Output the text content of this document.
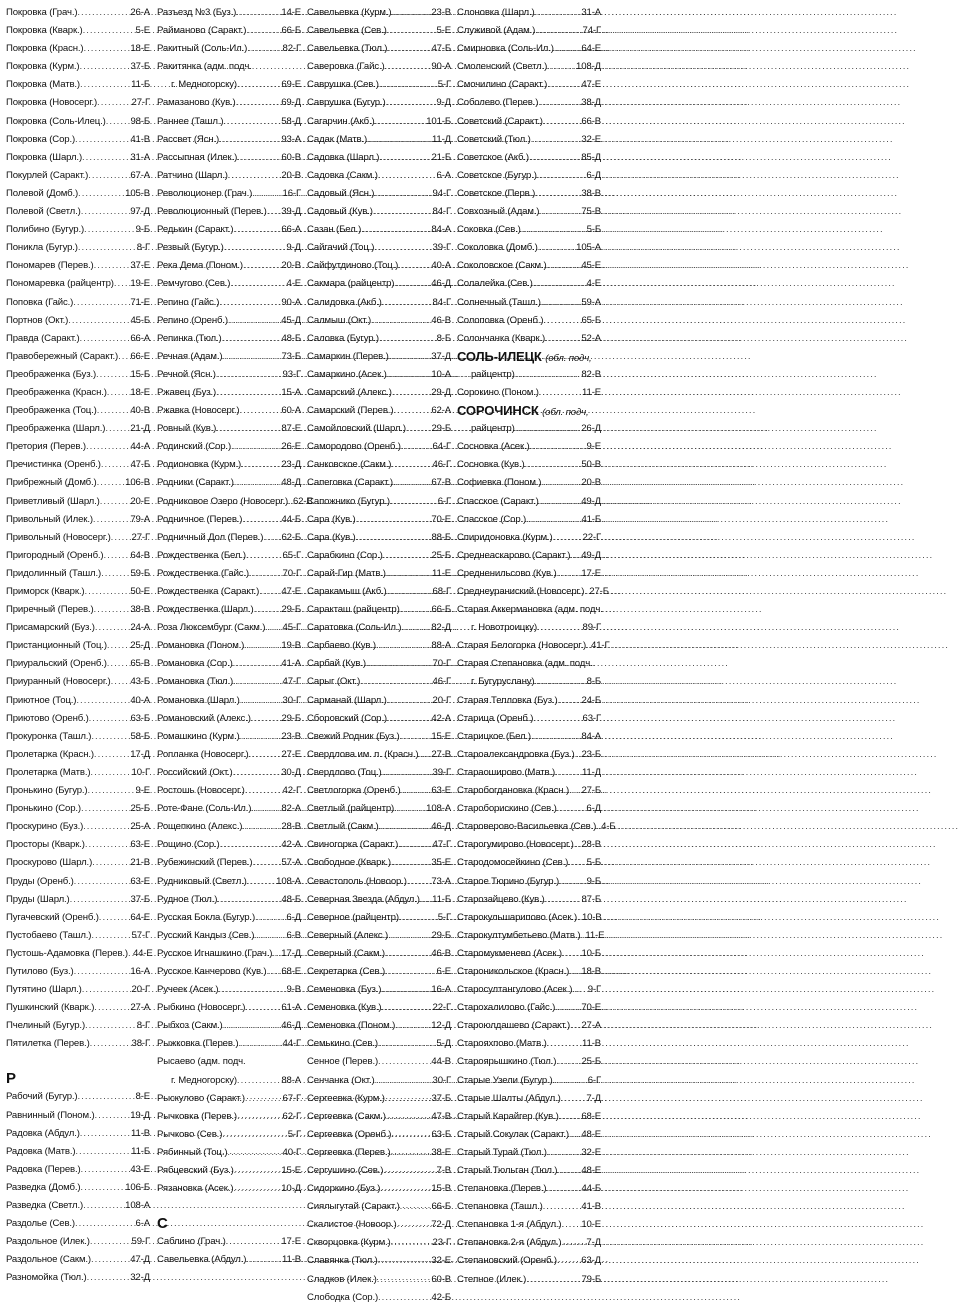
Покровка (Грач.) .....	26-А
Покровка (Кварк.) .....	5-Е
Покровка (Красн.) .....	18-Е
Покровка (Курм.) .....	37-Б
Покровка (Матв.) .....	11-Б
Покровка (Новосерг.) .....	27-Г
Покровка (Соль-Илец.) .....	98-Б
Покровка (Сор.) .....	41-В
Покровка (Шарл.) .....	31-А
Покурлей (Саракт.) .....	67-А
Полевой (Домб.) .....	105-В
Полевой (Светл.) .....	97-Д
Полибино (Бугур.) .....	9-Б
Поникла (Бугур.) .....	8-Г
Пономарев (Перев.) .....	37-Е
Пономаревка (райцентр) ..... 19-Е
Поповка (Гайс.) .....	71-Е
Портнов (Окт.) .....	45-Б
Правда (Саракт.) .....	66-А
Правобережный (Саракт.) ..... 66-Е
Преображенка (Буз.) .....	15-Б
Преображенка (Красн.) ..... 18-Е
Преображенка (Тоц.) .....	40-В
Преображенка (Шарл.) .....	21-Д
Претория (Перев.) .....	44-А
Пречистинка (Оренб.) .....	47-Б
Прибрежный (Домб.) .....	106-В
Приветливый (Шарл.) .....	20-Е
Привольный (Илек.) .....	79-А
Привольный (Новосерг.) ..... 27-Г
Пригородный (Оренб.) .....	64-В
Придолинный (Ташл.) .....	59-Б
Приморск (Кварк.) .....	50-Е
Приречный (Перев.) .....	38-В
Присамарский (Буз.) .....	24-А
Пристанционный (Тоц.) ..... 25-Д
Приуральский (Оренб.) ..... 65-В
Приуранный (Новосерг.) ..... 43-Б
Приютное (Тоц.) .....	40-А
Приютово (Оренб.) .....	63-Б
Прокуронка (Ташл.) .....	58-Б
Пролетарка (Красн.) .....	17-Д
Пролетарка (Матв.) .....	10-Г
Пронькино (Бугур.) .....	9-Е
Пронькино (Сор.) .....	25-Б
Проскурино (Буз.) .....	25-А
Просторы (Кварк.) .....	63-Е
Проскурово (Шарл.) .....	21-В
Пруды (Оренб.) .....	63-Е
Пруды (Шарл.) .....	37-Б
Пугачевский (Оренб.) .....	64-Е
Пустобаево (Ташл.) .....	57-Г
Пустошь-Адамовка (Перев.) ..... 44-Е
Путилово (Буз.) .....	16-А
Путятино (Шарл.) .....	20-Г
Пушкинский (Кварк.) .....	27-А
Пчелиный (Бугур.) .....	8-Г
Пятилетка (Перев.) .....	38-Г
Р
Рабочий (Бугур.) .....	8-Е
Равнинный (Поном.) .....	19-Д
Радовка (Абдул.) .....	11-В
Радовка (Матв.) .....	11-Б
Радовка (Перев.) .....	43-Е
Разведка (Домб.) .....	106-Б
Разведка (Светл.) .....	108-А
Раздолье (Сев.) .....	6-А
Раздольное (Илек.) .....	59-Г
Раздольное (Сакм.) .....	47-Д
Разномойка (Тюл.) .....	32-Д
Разъезд №3 (Буз.) .....	14-Е
Раймановo (Саракт.) .....	66-Б
Ракитный (Соль-Ил.) .....	82-Г
Ракитянка (адм. подч.
г. Медногорску) .....	69-Е
Рамазаново (Кув.) .....	69-Д
Раннее (Ташл.) .....	58-Д
Рассвет (Ясн.) .....	93-А
Рассыпная (Илек.) .....	60-В
Ратчино (Шарл.) .....	20-В
Революционер (Грач.) .....	16-Г
Революционный (Перев.) ..... 39-Д
Редькин (Саракт.) .....	66-А
Резвый (Бугур.) .....	9-Д
Река Дема (Поном.) .....	20-В
Ремчугово (Сев.) .....	4-Е
Репино (Гайс.) .....	90-А
Репино (Оренб.) .....	45-Д
Репинка (Тюл.) .....	48-Б
Речная (Адам.) .....	73-Б
Речной (Ясн.) .....	93-Г
Ржавец (Буз.) .....	15-А
Ржавка (Новосерг.) .....	60-А
Ровный (Кув.) .....	87-Е
Родинский (Сор.) .....	26-Е
Родионовка (Курм.) .....	23-Д
Родники (Саракт.) .....	48-Д
Родниковое Озеро (Новосерг.) ..... 62-В
Родничное (Перев.) .....	44-Б
Родничный Дол (Перев.) ..... 62-Б
Рождественка (Бел.) .....	65-Г
Рождественка (Гайс.) .....	70-Г
Рождественка (Саракт.) ..... 47-Е
Рождественка (Шарл.) .....	29-Б
Роза Люксембург (Сакм.) ..... 45-Г
Романовка (Поном.) .....	19-В
Романовка (Сор.) .....	41-А
Романовка (Тюл.) .....	47-Г
Романовка (Шарл.) .....	30-Г
Романовский (Алекс.) .....	29-Б
Ромашкино (Курм.) .....	23-В
Ропланка (Новосерг.) .....	27-Е
Российский (Окт.) .....	30-Д
Ростошь (Новосерг.) .....	42-Г
Роте-Фане (Соль-Ил.) .....	82-А
Рощепкино (Алекс.) .....	28-В
Рощино (Сор.) .....	42-А
Рубежинский (Перев.) .....	57-А
Рудниковый (Светл.) .....	108-А
Руднoe (Тюл.) .....	48-Б
Русская Бокла (Бугур.) .....	6-Д
Русский Кандыз (Сев.) .....	6-В
Русское Игнашкино (Грач.) ..... 17-Д
Русское Канчерово (Кув.) ..... 68-Е
Ручеек (Асек.) .....	9-В
Рыбкино (Новосерг.) .....	61-А
Рыбхоз (Сакм.) .....	46-Д
Рыжковка (Перев.) .....	44-Г
Рысаево (адм. подч.
г. Медногорску) .....	88-А
Рыскулово (Саракт.) .....	67-Г
Рычковка (Перев.) .....	62-Г
Рычково (Сев.) .....	5-Г
Рябинный (Тоц.) .....	40-Г
Рябцевский (Буз.) .....	15-Е
Рязановка (Асек.) .....	10-Д
С
Саблино (Грач.) .....	17-Е
Савельевка (Абдул.) .....	11-В
Савельевка (Курм.) .....	23-В
Савельевка (Сев.) .....	5-Е
Савельевка (Тюл.) .....	47-Б
Саверовка (Гайс.) .....	90-А
Саврушка (Сев.) .....	5-Г
Саврушка (Бугур.) .....	9-Д
Сагарчин (Акб.) .....	101-Б
Садак (Матв.) .....	11-Д
Садовка (Шарл.) .....	21-Б
Садовка (Сакм.) .....	6-А
Садовый (Ясн.) .....	94-Г
Садовый (Кув.) .....	84-Г
Сазан (Бел.) .....	84-А
Сайгачий (Тоц.) .....	39-Г
Сайфутдиново (Тоц.) .....	40-А
Сакмара (райцентр) .....	46-Д
Салидовка (Акб.) .....	84-Г
Салмыш (Окт.) .....	46-В
Саловка (Бугур.) .....	8-Б
Самаркин (Перев.) .....	37-Д
Самаркино (Асек.) .....	10-А
Самарский (Алекс.) .....	29-Д
Самарский (Перев.) .....	62-А
Самойловский (Шарл.) .....	29-Б
Самородово (Оренб.) .....	64-Г
Санковское (Сакм.) .....	46-Г
Сапеговка (Саракт.) .....	67-В
Сапожнико (Бугур.) .....	6-Г
Сара (Кув.) .....	70-Е
Сара (Кув.) .....	88-Б
Сарабкино (Сор.) .....	25-Б
Сарай-Гир (Матв.) .....	11-Е
Саракамыш (Акб.) .....	68-Г
Саракташ (райцентр) .....	66-Б
Саратовка (Соль-Ил.) .....	82-Д
Сарбаево (Кув.) .....	88-А
Сарбай (Кув.) .....	70-Г
Сарыг (Окт.) .....	46-Г
Сарманай (Шарл.) .....	20-Г
Сборовский (Сор.) .....	42-А
Свежий Родник (Буз.) .....	15-Е
Свердлова им. п. (Красн.) ..... 27-В
Свердлово (Тоц.) .....	39-Г
Светлогорка (Оренб.) .....	63-Е
Светлый (райцентр) .....	108-А
Светлый (Сакм.) .....	46-Д
Свиногорка (Саракт.) .....	47-Г
Свободное (Кварк.) .....	35-Е
Севастополь (Новоор.) .....	73-А
Северная Звезда (Абдул.) ..... 11-Б
Северное (райцентр) .....	5-Г
Северный (Алекс.) .....	29-Б
Северный (Сакм.) .....	46-В
Секретарка (Сев.) .....	6-Е
Семеновка (Буз.) .....	16-А
Семеновка (Кув.) .....	22-Г
Семеновка (Поном.) .....	12-Д
Семькино (Сев.) .....	5-Д
Сенное (Перев.) .....	44-В
Сенчанка (Окт.) .....	30-Г
Сергеевка (Курм.) .....	37-Б
Сергеевка (Сакм.) .....	47-В
Сергеевка (Оренб.) .....	63-Б
Сергеевка (Перев.) .....	38-Е
Сергушино (Сев.) .....	7-В
Сидоркино (Буз.) .....	15-В
Сиялыгутай (Саракт.) .....	66-Б
Скалистое (Новоор.) .....	72-Д
Скворцовка (Курм.) .....	23-Г
Славянка (Тюл.) .....	32-Е
Сладков (Илек.) .....	60-В
Слободка (Сор.) .....	42-Б
Слоновка (Шарл.) .....	31-А
Служивой (Адам.) .....	74-Г
Смирновка (Соль-Ил.) .....	64-Е
Смоленский (Светл.) .....	108-Д
Смочилино (Саракт.) .....	47-Е
Соболево (Перев.) .....	38-Д
Советский (Саракт.) .....	66-В
Советский (Тюл.) .....	32-Е
Советское (Акб.) .....	85-Д
Советское (Бугур.) .....	6-Д
Советское (Перв.) .....	38-В
Совхозный (Адам.) .....	75-В
Соковка (Сев.) .....	5-Б
Соколовка (Домб.) .....	105-А
Соколовское (Сакм.) .....	45-Е
Солалейка (Сев.) .....	4-Е
Солнечный (Ташл.) .....	59-А
Солоповка (Оренб.) .....	65-Б
Солончанка (Кварк.) .....	52-А
СОЛЬ-ИЛЕЦК (обл. подч,
райцентр) .....	82-В
Сорокино (Поном.) .....	11-Е
СОРОЧИНСК (обл. подч,
райцентр) .....	26-Д
Сосновка (Асек.) .....	9-Е
Сосновка (Кув.) .....	50-В
Софиевка (Поном.) .....	20-В
Спасское (Саракт.) .....	49-Д
Спасское (Сор.) .....	41-Б
Спиридоновка (Курм.) .....	22-Г
Среднеаскарово (Саракт.) ..... 49-Д
Средненильсово (Кув.) .....	17-Е
Среднеураниский (Новосерг.) ..... 27-Б
Старая Аккермановка (адм. подч.
г. Новотроицку) .....	89-Г
Старая Белогорка (Новосерг.) ..... 41-Г
Старая Степановка (адм. подч.
г. Бугуруслану) .....	8-Б
Старая Тепловка (Буз.) ..... 24-Б
Старица (Оренб.) .....	63-Г
Старицкое (Бел.) .....	84-А
Староалександровка (Буз.) ..... 23-Б
Стараоширово (Матв.) .....	11-Д
Старобогдановка (Красн.) ..... 27-Б
Староборискино (Сев.) .....	6-Д
Староверово-Васильевка (Сев.) ..... 4-Б
Старогумирово (Новосерг.) ..... 28-В
Стародомосейкино (Сев.) ..... 5-Б
Старое Тюрино (Бугур.) .....	9-Б
Старозайцево (Кув.) .....	87-Б
Старокульшарипово (Асек.) ..... 10-В
Старокултумбетьево (Матв.) ..... 11-Е
Старомукменево (Асек.) ..... 10-Б
Староникольское (Красн.) ..... 18-В
Старосултангулово (Асек.) ..... 9-Г
Старохалилово (Гайс.) .....	70-Е
Староюлдашево (Саракт.) ..... 27-А
Старояхпово (Матв.) .....	11-В
Староярышкино (Тюл.) .....	25-Б
Старые Узели (Бугур.) .....	6-Г
Старые Шалты (Абдул.) .....	7-Д
Старый Карайгер (Кув.) ..... 68-Е
Старый Сокулак (Саракт.) ..... 48-Е
Старый Турай (Тюл.) .....	32-Е
Старый Тюльган (Тюл.) ..... 48-Е
Степановка (Перев.) .....	44-Б
Степановка (Ташл.) .....	41-В
Степановка 1-я (Абдул.) ..... 10-Е
Степановка 2-я (Абдул.) .....	7-Д
Степановский (Оренб.) .....	63-Д
Степное (Илек.) .....	79-Б
